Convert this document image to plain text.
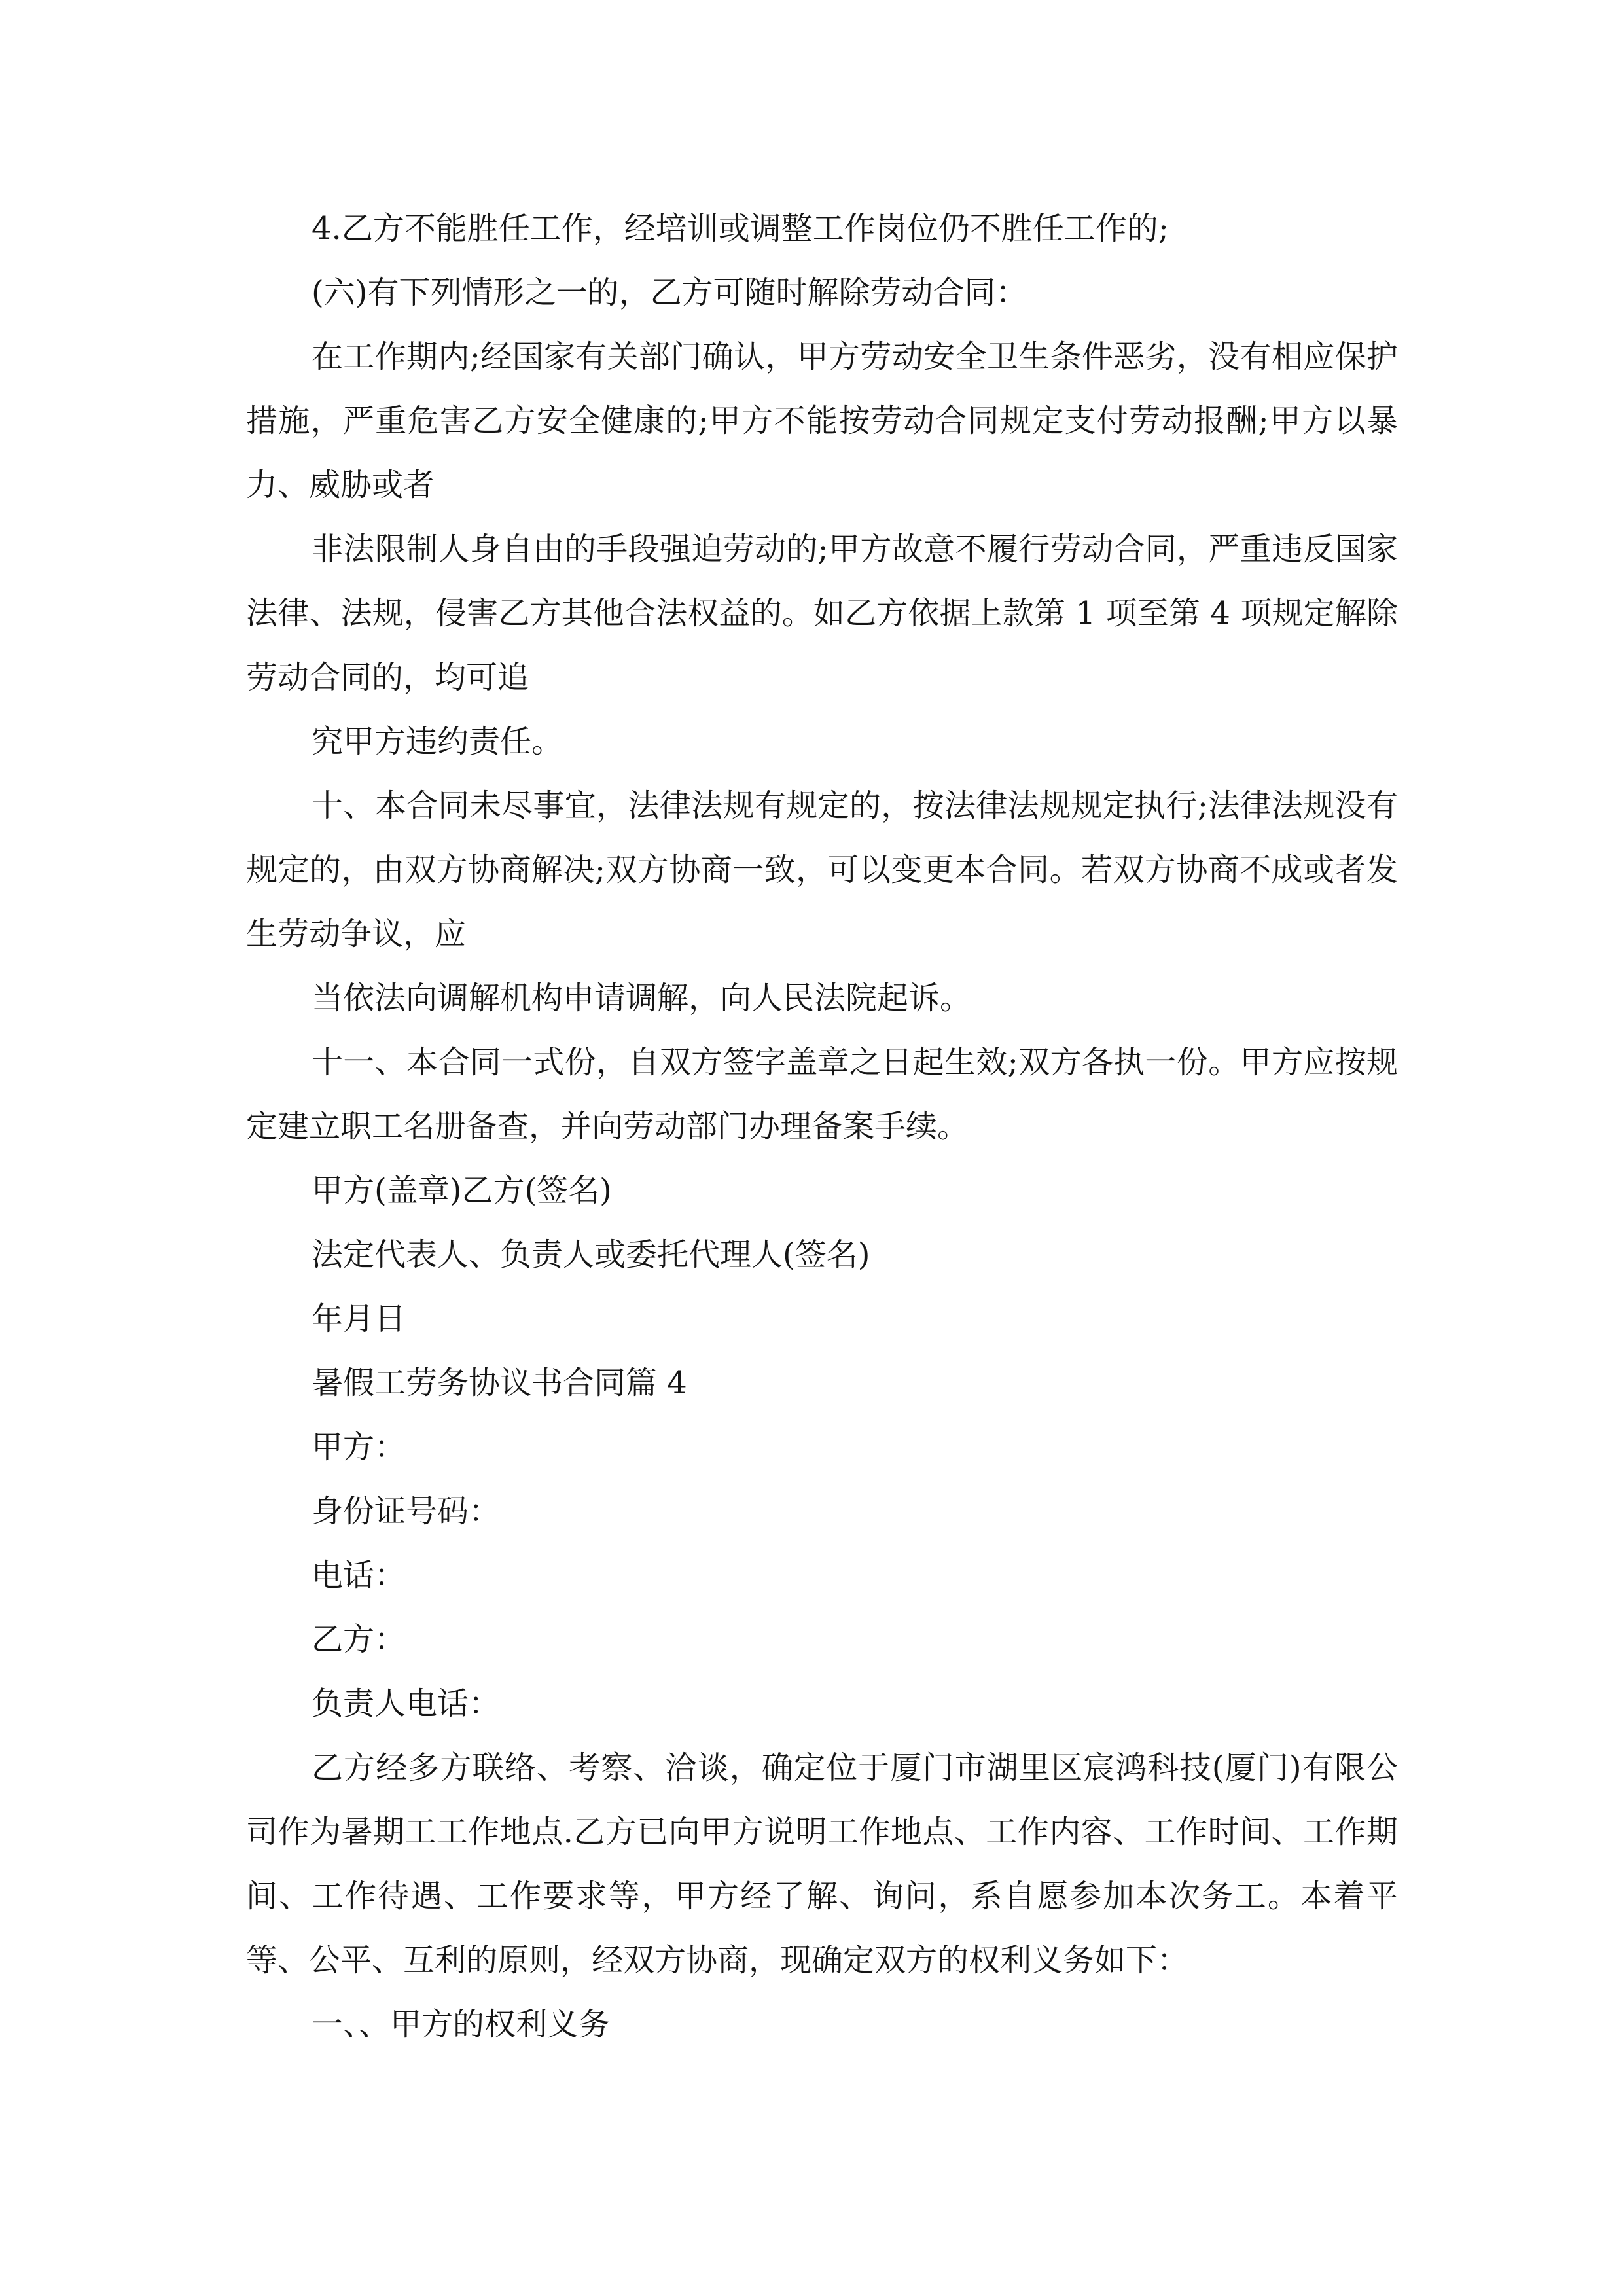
4.乙方不能胜任工作，经培训或调整工作岗位仍不胜任工作的;

(六)有下列情形之一的，乙方可随时解除劳动合同：

在工作期内;经国家有关部门确认，甲方劳动安全卫生条件恶劣，没有相应保护措施，严重危害乙方安全健康的;甲方不能按劳动合同规定支付劳动报酬;甲方以暴力、威胁或者

非法限制人身自由的手段强迫劳动的;甲方故意不履行劳动合同，严重违反国家法律、法规，侵害乙方其他合法权益的。如乙方依据上款第 1 项至第 4 项规定解除劳动合同的，均可追

究甲方违约责任。

十、本合同未尽事宜，法律法规有规定的，按法律法规规定执行;法律法规没有规定的，由双方协商解决;双方协商一致，可以变更本合同。若双方协商不成或者发生劳动争议，应

当依法向调解机构申请调解，向人民法院起诉。

十一、本合同一式份，自双方签字盖章之日起生效;双方各执一份。甲方应按规定建立职工名册备查，并向劳动部门办理备案手续。

甲方(盖章)乙方(签名)

法定代表人、负责人或委托代理人(签名)

年月日

暑假工劳务协议书合同篇 4

甲方：

身份证号码：

电话：

乙方：

负责人电话：

乙方经多方联络、考察、洽谈，确定位于厦门市湖里区宸鸿科技(厦门)有限公司作为暑期工工作地点.乙方已向甲方说明工作地点、工作内容、工作时间、工作期间、工作待遇、工作要求等，甲方经了解、询问，系自愿参加本次务工。本着平等、公平、互利的原则，经双方协商，现确定双方的权利义务如下：

一、、甲方的权利义务
